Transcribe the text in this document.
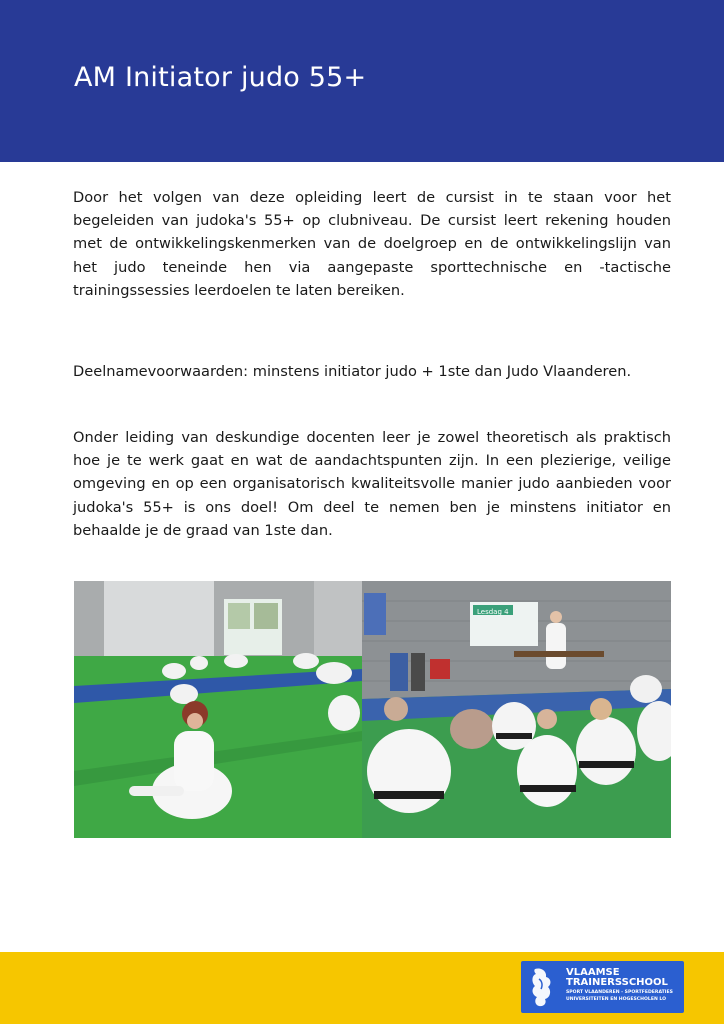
AM Initiator judo 55+

Door het volgen van deze opleiding leert de cursist in te staan voor het begeleiden van judoka's 55+ op clubniveau. De cursist leert rekening houden met de ontwikkelingskenmerken van de doelgroep en de ontwikkelingslijn van het judo teneinde hen via aangepaste sporttechnische en -tactische trainingssessies leerdoelen te laten bereiken.

Deelnamevoorwaarden: minstens initiator judo + 1ste dan Judo Vlaanderen.

Onder leiding van deskundige docenten leer je zowel theoretisch als praktisch hoe je te werk gaat en wat de aandachtspunten zijn. In een plezierige, veilige omgeving en op een organisatorisch kwaliteitsvolle manier judo aanbieden voor judoka's 55+ is ons doel! Om deel te nemen ben je minstens initiator en behaalde je de graad van 1ste dan.

Lesdag 4
VLAAMSE
TRAINERSSCHOOL
SPORT VLAANDEREN - SPORTFEDERATIES
UNIVERSITEITEN EN HOGESCHOLEN LO
